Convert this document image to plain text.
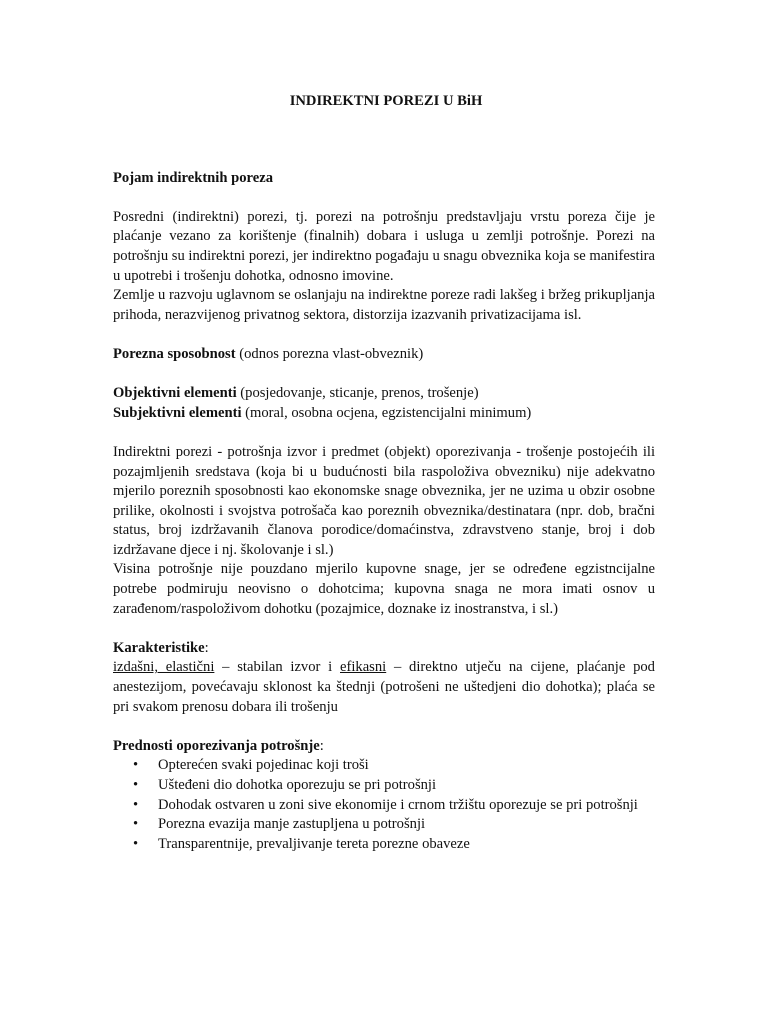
INDIREKTNI POREZI U BiH

Pojam indirektnih poreza

Posredni (indirektni) porezi, tj. porezi na potrošnju predstavljaju vrstu poreza čije je plaćanje vezano za korištenje (finalnih) dobara i usluga u zemlji potrošnje. Porezi na potrošnju su indirektni porezi, jer indirektno pogađaju u snagu obveznika koja se manifestira u upotrebi i trošenju dohotka, odnosno imovine.

Zemlje u razvoju uglavnom se oslanjaju na indirektne poreze radi lakšeg i bržeg prikupljanja prihoda, nerazvijenog privatnog sektora, distorzija izazvanih privatizacijama isl.

Porezna sposobnost (odnos porezna vlast-obveznik)

Objektivni elementi (posjedovanje, sticanje, prenos, trošenje)

Subjektivni elementi (moral, osobna ocjena, egzistencijalni minimum)

Indirektni porezi - potrošnja izvor i predmet (objekt) oporezivanja - trošenje postojećih ili pozajmljenih sredstava (koja bi u budućnosti bila raspoloživa obvezniku) nije adekvatno mjerilo poreznih sposobnosti kao ekonomske snage obveznika, jer ne uzima u obzir osobne prilike, okolnosti i svojstva potrošača kao poreznih obveznika/destinatara (npr. dob, bračni status, broj izdržavanih članova porodice/domaćinstva, zdravstveno stanje, broj i dob izdržavane djece i nj. školovanje i sl.)

Visina potrošnje nije pouzdano mjerilo kupovne snage, jer se određene egzistncijalne potrebe podmiruju neovisno o dohotcima; kupovna snaga ne mora imati osnov u zarađenom/raspoloživom dohotku (pozajmice, doznake iz inostranstva, i sl.)

Karakteristike:

izdašni, elastični – stabilan izvor i efikasni – direktno utječu na cijene, plaćanje pod anestezijom, povećavaju sklonost ka štednji (potrošeni ne uštedjeni dio dohotka); plaća se pri svakom prenosu dobara ili trošenju

Prednosti oporezivanja potrošnje:

• Opterećen svaki pojedinac koji troši
• Ušteđeni dio dohotka oporezuju se pri potrošnji
• Dohodak ostvaren u zoni sive ekonomije i crnom tržištu oporezuje se pri potrošnji
• Porezna evazija manje zastupljena u potrošnji
• Transparentnije, prevaljivanje tereta porezne obaveze
